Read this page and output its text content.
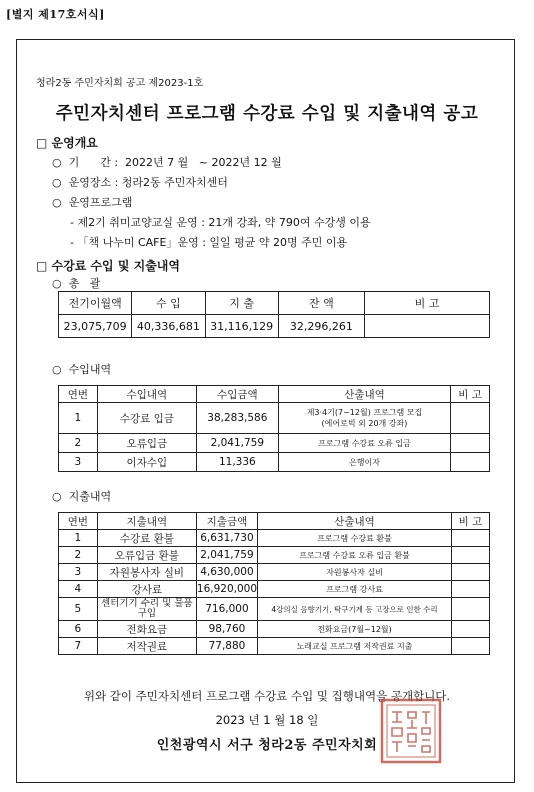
[별지 제17호서식]
청라2동 주민자치회 공고 제2023-1호
주민자치센터 프로그램 수강료 수입 및 지출내역 공고
□ 운영개요
○  기      간 :  2022년 7 월   ~ 2022년 12 월
○  운영장소 : 청라2동 주민자치센터
○  운영프로그램
- 제2기 취미교양교실 운영 : 21개 강좌, 약 790여 수강생 이용
- 「책 나누미 CAFE」운영 : 일일 평균 약 20명 주민 이용
□ 수강료 수입 및 지출내역
○  총   괄
전기이월액	수 입	지 출	잔 액	비 고
23,075,709	40,336,681	31,116,129	32,296,261	
○  수입내역
연번	수입내역	수입금액	산출내역	비 고
1	수강료 입금	38,283,586	제3·4기(7~12월) 프로그램 모집
(에어로빅 외 20개 강좌)	

2	오류입금	2,041,759	프로그램 수강료 오류 입금	
3	이자수입	11,336	은행이자	
○  지출내역
연번	지출내역	지출금액	산출내역	비 고
1	수강료 환불	6,631,730	프로그램 수강료 환불	
2	오류입금 환불	2,041,759	프로그램 수강료 오류 입금 환불	
3	자원봉사자 실비	4,630,000	자원봉사자 실비	
4	강사료	16,920,000	프로그램 강사료	
5	센터기기 수리 및 물품구입	716,000	4강의실 음향기기, 탁구기계 등 고장으로 인한 수리	
6	전화요금	98,760	전화요금(7월~12월)	
7	저작권료	77,880	노래교실 프로그램 저작권료 지출	
위와 같이 주민자치센터 프로그램 수강료 수입 및 집행내역을 공개합니다.
2023 년 1 월 18 일
인천광역시 서구 청라2동 주민자치회
